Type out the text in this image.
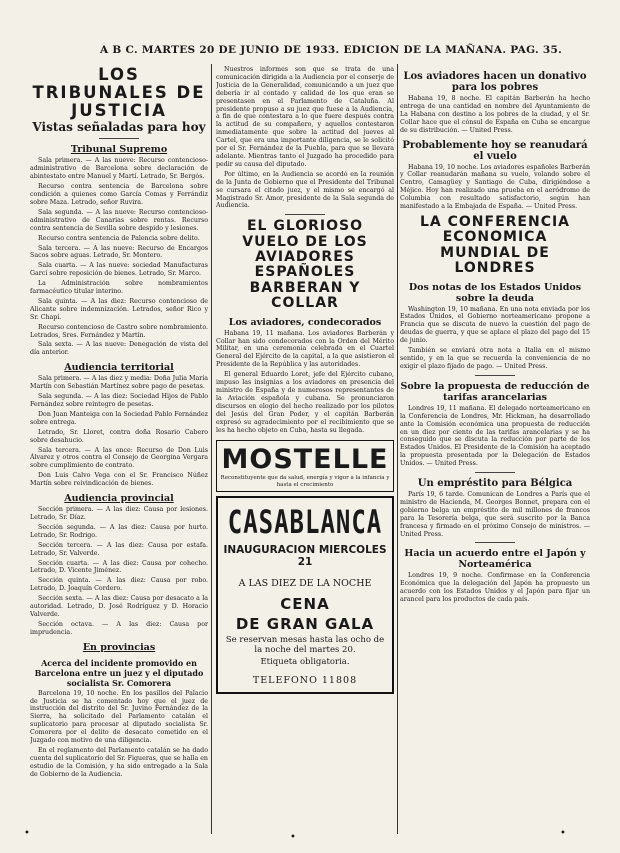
A B C. MARTES 20 DE JUNIO DE 1933. EDICION DE LA MAÑANA. PAG. 35.
LOS TRIBUNALES DE JUSTICIA
Vistas señaladas para hoy
Tribunal Supremo

Sala primera. — A las nueve: Recurso contencioso-administrativo de Barcelona sobre declaración de abintestato entre Manuel y Martí. Letrado, Sr. Bergós.

Recurso contra sentencia de Barcelona sobre condición a quienes como García Comas y Ferrándiz sobre Maza. Letrado, señor Ruvira.

Sala segunda. — A las nueve: Recurso contencioso-administrativo de Canarias sobre rentas. Recurso contra sentencia de Sevilla sobre despido y lesiones.

Recurso contra sentencia de Palencia sobre delito.

Sala tercera. — A las nueve: Recurso de Encargos Sacos sobre aguas. Letrado, Sr. Montero.

Sala cuarta. — A las nueve: sociedad Manufacturas Garcí sobre reposición de bienes. Letrado, Sr. Marco.

La Administración sobre nombramientos farmacéutico titular interino.

Sala quinta. — A las diez: Recurso contencioso de Alicante sobre indemnización. Letrados, señor Rico y Sr. Chapí.

Recurso contencioso de Castro sobre nombramiento. Letrados, Sres. Fernández y Martín.

Sala sexta. — A las nueve: Denegación de vista del día anterior.

Audiencia territorial

Sala primera. — A las diez y media: Doña Julia María Martín con Sebastián Martínez sobre pago de pesetas.

Sala segunda. — A las diez: Sociedad Hijos de Pablo Fernández sobre reintegro de pesetas.

Don Juan Manteiga con la Sociedad Pablo Fernández sobre entrega.

Letrado, Sr. Lloret, contra doña Rosario Cabero sobre desahucio.

Sala tercera. — A las once: Recurso de Don Luis Álvarez y otros contra el Consejo de Georgina Vergara sobre cumplimiento de contrato.

Don Luis Calvo Vega con el Sr. Francisco Núñez Martín sobre reivindicación de bienes.

Audiencia provincial

Sección primera. — A las diez: Causa por lesiones. Letrado, Sr. Díaz.

Sección segunda. — A las diez: Causa por hurto. Letrado, Sr. Rodrigo.

Sección tercera. — A las diez: Causa por estafa. Letrado, Sr. Valverde.

Sección cuarta. — A las diez: Causa por cohecho. Letrado, D. Vicente Jiménez.

Sección quinta. — A las diez: Causa por robo. Letrado, D. Joaquín Cordero.

Sección sexta. — A las diez: Causa por desacato a la autoridad. Letrado, D. José Rodríguez y D. Horacio Valverde.

Sección octava. — A las diez: Causa por imprudencia.

En provincias
Acerca del incidente promovido en Barcelona entre un juez y el diputado socialista Sr. Comorera

Barcelona 19, 10 noche. En los pasillos del Palacio de Justicia se ha comentado hoy que el juez de instrucción del distrito del Sr. Juvino Fernández de la Sierra, ha solicitado del Parlamento catalán el suplicatorio para procesar al diputado socialista Sr. Comorera por el delito de desacato cometido en el Juzgado con motivo de una diligencia.

En el reglamento del Parlamento catalán se ha dado cuenta del suplicatorio del Sr. Figueras, que se halla en estudio de la Comisión, y ha sido entregado a la Sala de Gobierno de la Audiencia.

Nuestros informes son que se trata de una comunicación dirigida a la Audiencia por el conserje de Justicia de la Generalidad, comunicando a un juez que debería ir al contado y calidad de los que eran se presentasen en el Parlamento de Cataluña. Al presidente propuso a su juez que fuese a la Audiencia, a fin de que contestara a lo que fuere después contra la actitud de su compañero, y aquellos contestaron inmediatamente que sobre la actitud del jueves al Cartel, que era una importante diligencia, se le solicitó por el Sr. Fernández de la Puebla, para que se llevara adelante. Mientras tanto el Juzgado ha procedido para pedir su causa del diputado.

Por último, en la Audiencia se acordó en la reunión de la Junta de Gobierno que el Presidente del Tribunal se cursara el citado juez, y el mismo se encargó al Magistrado Sr. Amor, presidente de la Sala segunda de Audiencia.

EL GLORIOSO VUELO DE LOS AVIADORES ESPAÑOLES BARBERAN Y COLLAR
Los aviadores, condecorados

Habana 19, 11 mañana. Los aviadores Barberán y Collar han sido condecorados con la Orden del Mérito Militar, en una ceremonia celebrada en el Cuartel General del Ejército de la capital, a la que asistieron el Presidente de la República y las autoridades.

El general Eduardo Loret, jefe del Ejército cubano, impuso las insignias a los aviadores en presencia del ministro de España y de numerosos representantes de la Aviación española y cubana. Se pronunciaron discursos en elogio del hecho realizado por los pilotos del Jesús del Gran Poder, y el capitán Barberán expresó su agradecimiento por el recibimiento que se les ha hecho objeto en Cuba, hasta su llegada.

MOSTELLE
Reconstituyente que da salud, energía y vigor a la infancia y hasta el crecimiento
CASABLANCA
INAUGURACION MIERCOLES 21
A LAS DIEZ DE LA NOCHE
CENA
DE GRAN GALA
Se reservan mesas hasta las ocho de la noche del martes 20.
Etiqueta obligatoria.
TELEFONO 11808
Los aviadores hacen un donativo para los pobres

Habana 19, 8 noche. El capitán Barberán ha hecho entrega de una cantidad en nombre del Ayuntamiento de La Habana con destino a los pobres de la ciudad, y el Sr. Collar hace que el cónsul de España en Cuba se encargue de su distribución. — United Press.

Probablemente hoy se reanudará el vuelo

Habana 19, 10 noche. Los aviadores españoles Barberán y Collar reanudarán mañana su vuelo, volando sobre el Centro, Camagüey y Santiago de Cuba, dirigiéndose a Méjico. Hoy han realizado una prueba en el aeródromo de Columbia con resultado satisfactorio, según han manifestado a la Embajada de España. — United Press.

LA CONFERENCIA ECONOMICA MUNDIAL DE LONDRES
Dos notas de los Estados Unidos sobre la deuda

Washington 19, 10 mañana. En una nota enviada por los Estados Unidos, el Gobierno norteamericano propone a Francia que se discuta de nuevo la cuestión del pago de deudas de guerra, y que se aplace el plazo del pago del 15 de junio.

También se enviará otra nota a Italia en el mismo sentido, y en la que se recuerda la conveniencia de no exigir el plazo fijado de pago. — United Press.

Sobre la propuesta de reducción de tarifas arancelarias

Londres 19, 11 mañana. El delegado norteamericano en la Conferencia de Londres, Mr. Hickman, ha desarrollado ante la Comisión económica una propuesta de reducción en un diez por ciento de las tarifas arancelarias y se ha conseguido que se discuta la reducción por parte de los Estados Unidos. El Presidente de la Comisión ha aceptado la propuesta presentada por la Delegación de Estados Unidos. — United Press.

Un empréstito para Bélgica

París 19, 6 tarde. Comunican de Londres a París que el ministro de Hacienda, M. Georges Bonnet, prepara con el gobierno belga un empréstito de mil millones de francos para la Tesorería belga, que será suscrito por la Banca francesa y firmado en el próximo Consejo de ministros. — United Press.

Hacia un acuerdo entre el Japón y Norteamérica

Londres 19, 9 noche. Confirmase en la Conferencia Económica que la delegación del Japón ha propuesto un acuerdo con los Estados Unidos y el Japón para fijar un arancel para los productos de cada país.

•	•	•
